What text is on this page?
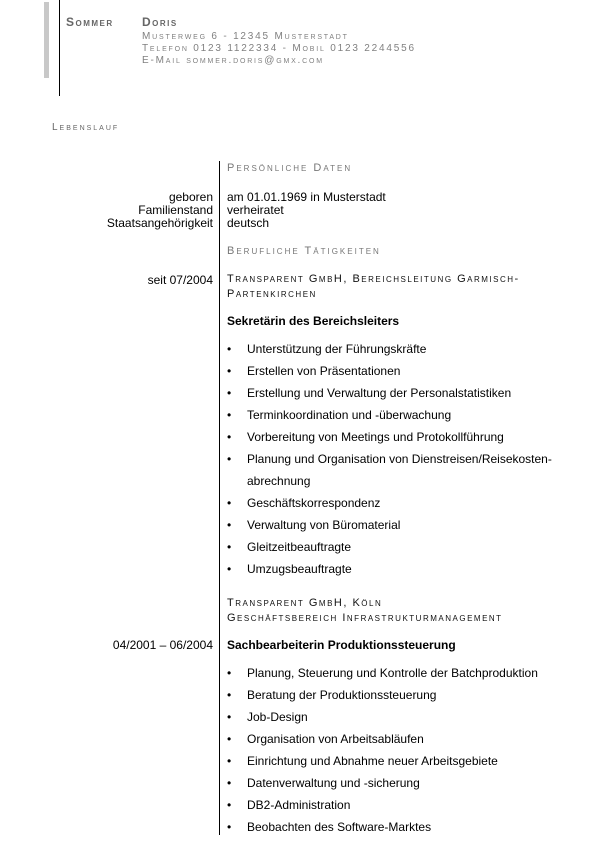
Sommer Doris
Musterweg 6 - 12345 Musterstadt
Telefon 0123 1122334 - Mobil 0123 2244556
E-Mail sommer.doris@gmx.com
Lebenslauf
Persönliche Daten
geboren am 01.01.1969 in Musterstadt
Familienstand verheiratet
Staatsangehörigkeit deutsch
Berufliche Tätigkeiten
seit 07/2004 Transparent GmbH, Bereichsleitung Garmisch-
Partenkirchen
Sekretärin des Bereichsleiters
• Unterstützung der Führungskräfte
• Erstellen von Präsentationen
• Erstellung und Verwaltung der Personalstatistiken
• Terminkoordination und -überwachung
• Vorbereitung von Meetings und Protokollführung
• Planung und Organisation von Dienstreisen/Reisekosten-
abrechnung
• Geschäftskorrespondenz
• Verwaltung von Büromaterial
• Gleitzeitbeauftragte
• Umzugsbeauftragte
Transparent GmbH, Köln
Geschäftsbereich Infrastrukturmanagement
04/2001 – 06/2004 Sachbearbeiterin Produktionssteuerung
• Planung, Steuerung und Kontrolle der Batchproduktion
• Beratung der Produktionssteuerung
• Job-Design
• Organisation von Arbeitsabläufen
• Einrichtung und Abnahme neuer Arbeitsgebiete
• Datenverwaltung und -sicherung
• DB2-Administration
• Beobachten des Software-Marktes
